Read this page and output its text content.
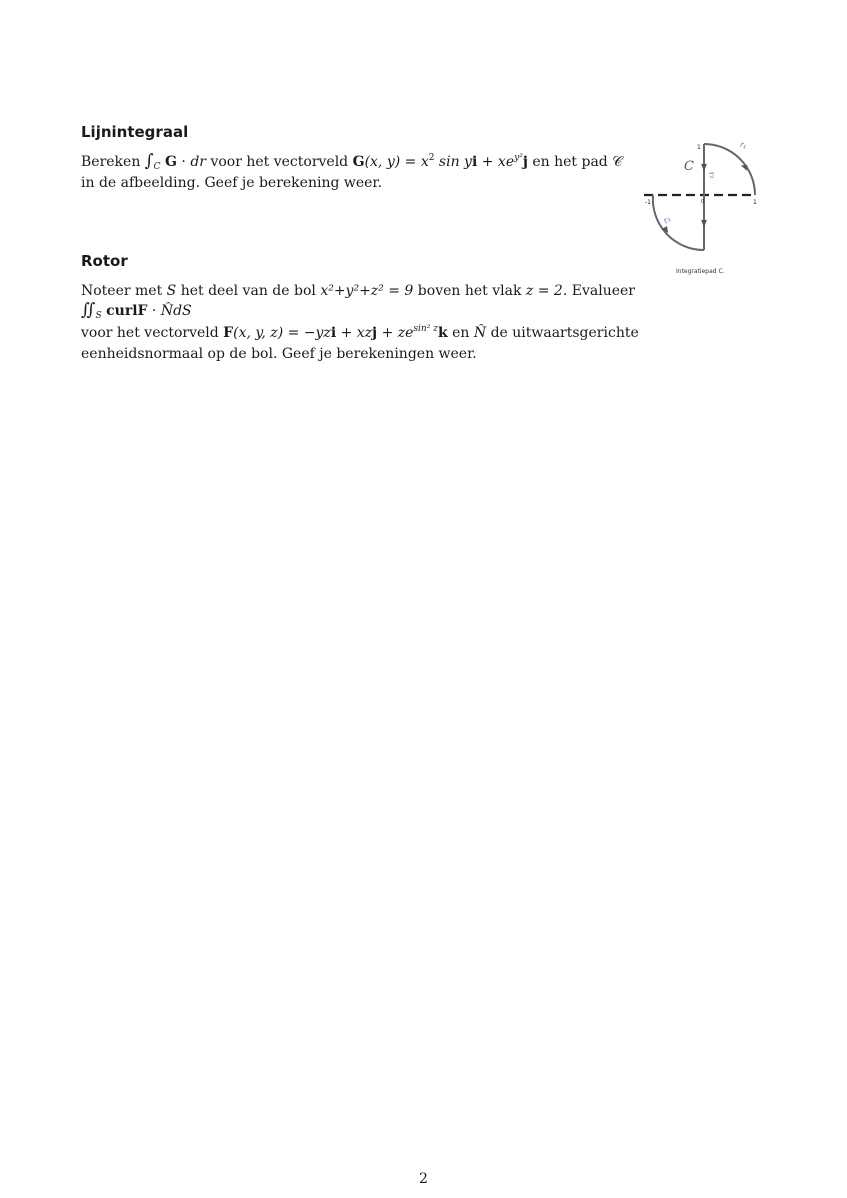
Lijnintegraal

Bereken $\int_C$ G · dr voor het vectorveld G(x, $y) = x^2$ sin yi + $xe^{y^2}j$ en het pad 𝒞

in de afbeelding. Geef je berekening weer.

Rotor

Noteer met S het deel van de bol x²+y²+z² = 9 boven het vlak z = 2. Evalueer

$∬_S$ curlF · N̂dS

voor het vectorveld F(x, y, z) = −yzi + xzj + $ze^{sin^2 z}k$ en N̂ de uitwaartsgerichte

eenheidsnormaal op de bol. Geef je berekeningen weer.

1
-1	1
0
C
r₁
r₂
r₃
Integratiepad C.
2
